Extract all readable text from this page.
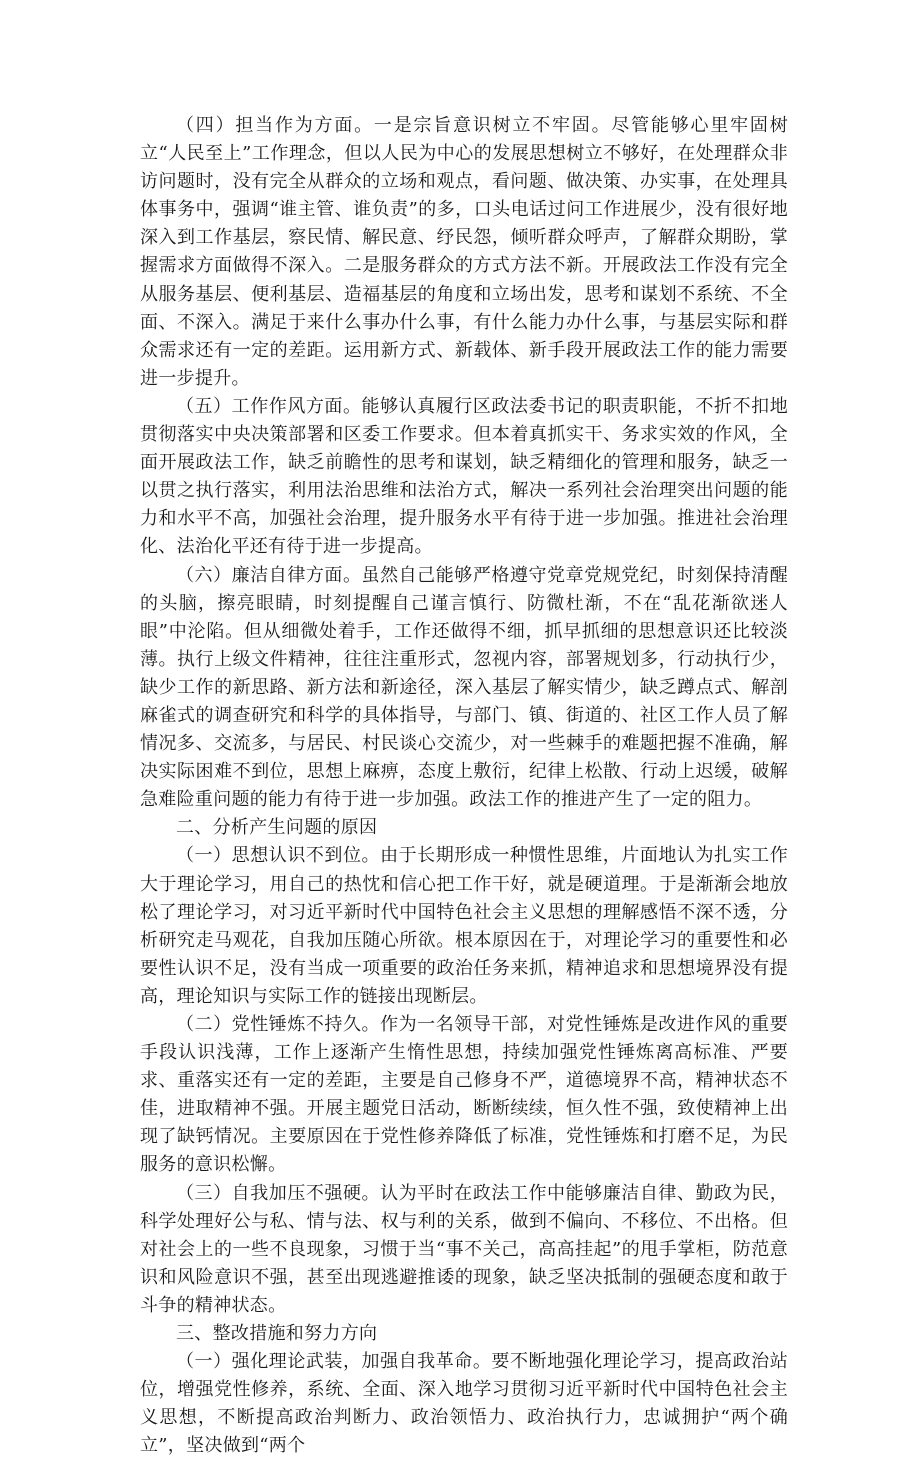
（四）担当作为方面。一是宗旨意识树立不牢固。尽管能够心里牢固树立“人民至上”工作理念，但以人民为中心的发展思想树立不够好，在处理群众非访问题时，没有完全从群众的立场和观点，看问题、做决策、办实事，在处理具体事务中，强调“谁主管、谁负责”的多，口头电话过问工作进展少，没有很好地深入到工作基层，察民情、解民意、纾民怨，倾听群众呼声，了解群众期盼，掌握需求方面做得不深入。二是服务群众的方式方法不新。开展政法工作没有完全从服务基层、便利基层、造福基层的角度和立场出发，思考和谋划不系统、不全面、不深入。满足于来什么事办什么事，有什么能力办什么事，与基层实际和群众需求还有一定的差距。运用新方式、新载体、新手段开展政法工作的能力需要进一步提升。

（五）工作作风方面。能够认真履行区政法委书记的职责职能，不折不扣地贯彻落实中央决策部署和区委工作要求。但本着真抓实干、务求实效的作风，全面开展政法工作，缺乏前瞻性的思考和谋划，缺乏精细化的管理和服务，缺乏一以贯之执行落实，利用法治思维和法治方式，解决一系列社会治理突出问题的能力和水平不高，加强社会治理，提升服务水平有待于进一步加强。推进社会治理化、法治化平还有待于进一步提高。

（六）廉洁自律方面。虽然自己能够严格遵守党章党规党纪，时刻保持清醒的头脑，擦亮眼睛，时刻提醒自己谨言慎行、防微杜渐，不在“乱花渐欲迷人眼”中沦陷。但从细微处着手，工作还做得不细，抓早抓细的思想意识还比较淡薄。执行上级文件精神，往往注重形式，忽视内容，部署规划多，行动执行少，缺少工作的新思路、新方法和新途径，深入基层了解实情少，缺乏蹲点式、解剖麻雀式的调查研究和科学的具体指导，与部门、镇、街道的、社区工作人员了解情况多、交流多，与居民、村民谈心交流少，对一些棘手的难题把握不准确，解决实际困难不到位，思想上麻痹，态度上敷衍，纪律上松散、行动上迟缓，破解急难险重问题的能力有待于进一步加强。政法工作的推进产生了一定的阻力。

二、分析产生问题的原因

（一）思想认识不到位。由于长期形成一种惯性思维，片面地认为扎实工作大于理论学习，用自己的热忱和信心把工作干好，就是硬道理。于是渐渐会地放松了理论学习，对习近平新时代中国特色社会主义思想的理解感悟不深不透，分析研究走马观花，自我加压随心所欲。根本原因在于，对理论学习的重要性和必要性认识不足，没有当成一项重要的政治任务来抓，精神追求和思想境界没有提高，理论知识与实际工作的链接出现断层。

（二）党性锤炼不持久。作为一名领导干部，对党性锤炼是改进作风的重要手段认识浅薄，工作上逐渐产生惰性思想，持续加强党性锤炼离高标准、严要求、重落实还有一定的差距，主要是自己修身不严，道德境界不高，精神状态不佳，进取精神不强。开展主题党日活动，断断续续，恒久性不强，致使精神上出现了缺钙情况。主要原因在于党性修养降低了标准，党性锤炼和打磨不足，为民服务的意识松懈。

（三）自我加压不强硬。认为平时在政法工作中能够廉洁自律、勤政为民，科学处理好公与私、情与法、权与利的关系，做到不偏向、不移位、不出格。但对社会上的一些不良现象，习惯于当“事不关己，高高挂起”的甩手掌柜，防范意识和风险意识不强，甚至出现逃避推诿的现象，缺乏坚决抵制的强硬态度和敢于斗争的精神状态。

三、整改措施和努力方向

（一）强化理论武装，加强自我革命。要不断地强化理论学习，提高政治站位，增强党性修养，系统、全面、深入地学习贯彻习近平新时代中国特色社会主义思想，不断提高政治判断力、政治领悟力、政治执行力，忠诚拥护“两个确立”，坚决做到“两个
